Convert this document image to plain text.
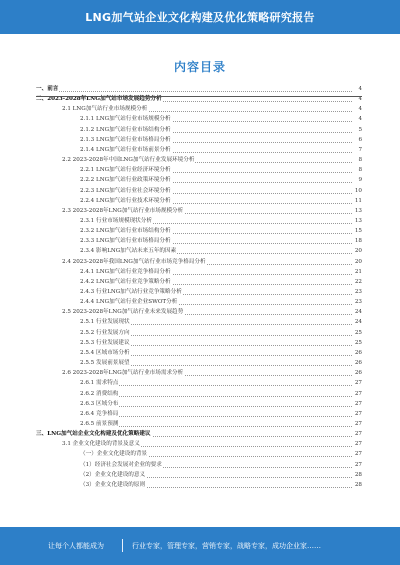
LNG加气站企业文化构建及优化策略研究报告
内容目录
一、前言	4
二、2023-2028年LNG加气站市场发展趋势分析	4
2.1 LNG加气站行业市场规模分析	4
2.1.1 LNG加气站行业市场规模分析	4
2.1.2 LNG加气站行业市场结构分析	5
2.1.3 LNG加气站行业市场格局分析	6
2.1.4 LNG加气站行业市场前景分析	7
2.2 2023-2028年中国LNG加气站行业发展环境分析	8
2.2.1 LNG加气站行业经济环境分析	8
2.2.2 LNG加气站行业政策环境分析	9
2.2.3 LNG加气站行业社会环境分析	10
2.2.4 LNG加气站行业技术环境分析	11
2.3 2023-2028年LNG加气站行业市场规模分析	13
2.3.1 行业市场规模现状分析	13
2.3.2 LNG加气站行业市场结构分析	15
2.3.3 LNG加气站行业市场格局分析	18
2.3.4 影响LNG加气站未来五年的因素	20
2.4 2023-2028年我国LNG加气站行业市场竞争格局分析	20
2.4.1 LNG加气站行业竞争格局分析	21
2.4.2 LNG加气站行业竞争策略分析	22
2.4.3 行业LNG加气站行业竞争策略分析	23
2.4.4 LNG加气站行业企业SWOT分析	23
2.5 2023-2028年LNG加气站行业未来发展趋势	24
2.5.1 行业发展现状	24
2.5.2 行业发展方向	25
2.5.3 行业发展建议	25
2.5.4 区域市场分析	26
2.5.5 发展前景展望	26
2.6 2023-2028年LNG加气站行业市场需求分析	26
2.6.1 需求特点	27
2.6.2 消费结构	27
2.6.3 区域分布	27
2.6.4 竞争格局	27
2.6.5 前景预测	27
三、LNG加气站企业文化构建及优化策略建议	27
3.1 企业文化建设的背景及意义	27
（一）企业文化建设的背景	27
（1）经济社会发展对企业的要求	27
（2）企业文化建设的意义	28
（3）企业文化建设的原则	28
让每个人都能成为	行业专家，管理专家，营销专家，战略专家，成功企业家……
